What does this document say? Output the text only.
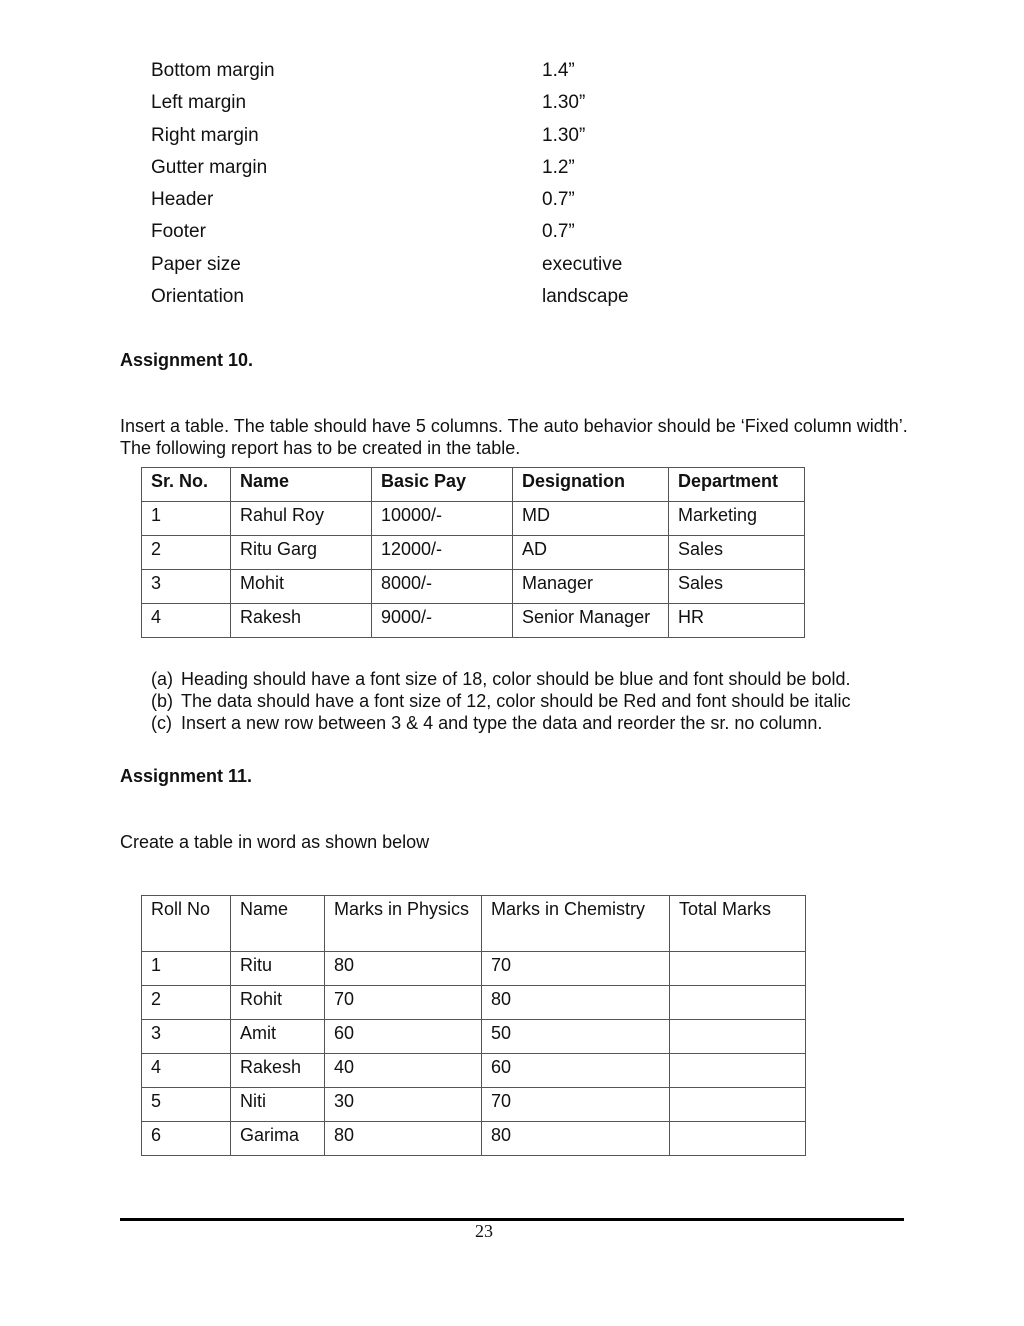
Bottom margin	1.4”
Left margin	1.30”
Right margin	1.30”
Gutter margin	1.2”
Header	0.7”
Footer	0.7”
Paper size	executive
Orientation	landscape
Assignment 10.
Insert a table. The table should have 5 columns. The auto behavior should be ‘Fixed column width’. The following report has to be created in the table.
Sr. No.	Name	Basic Pay	Designation	Department
1	Rahul Roy	10000/-	MD	Marketing
2	Ritu Garg	12000/-	AD	Sales
3	Mohit	8000/-	Manager	Sales
4	Rakesh	9000/-	Senior Manager	HR
(a) Heading should have a font size of 18, color should be blue and font should be bold.
(b) The data should have a font size of 12, color should be Red and font should be italic
(c) Insert a new row between 3 & 4 and type the data and reorder the sr. no column.
Assignment 11.
Create a table in word as shown below
Roll No	Name	Marks in Physics	Marks in Chemistry	Total Marks
1	Ritu	80	70	
2	Rohit	70	80	
3	Amit	60	50	
4	Rakesh	40	60	
5	Niti	30	70	
6	Garima	80	80	
23
